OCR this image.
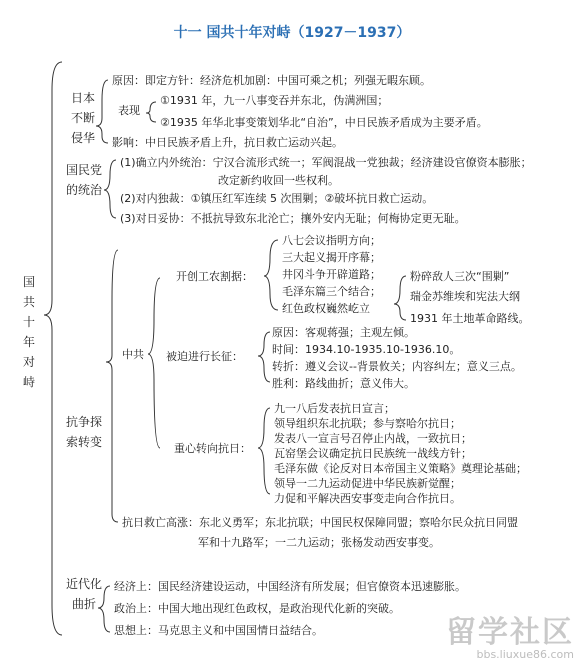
十一 国共十年对峙（1927－1937）
国共十年对峙
日本不断侵华
原因：即定方针：经济危机加剧：中国可乘之机；列强无暇东顾。
表现
①1931 年，九一八事变吞并东北，伪满洲国；
②1935 年华北事变策划华北“自治”，中日民族矛盾成为主要矛盾。
影响：中日民族矛盾上升，抗日救亡运动兴起。
国民党的统治
(1)确立内外统治：宁汉合流形式统一；军阀混战一党独裁；经济建设官僚资本膨胀；
改定新约收回一些权利。
(2)对内独裁：①镇压红军连续 5 次围剿；②破坏抗日救亡运动。
(3)对日妥协：不抵抗导致东北沦亡；攘外安内无耻；何梅协定更无耻。
抗争探索转变
中共
开创工农割据：
八七会议指明方向；
三大起义揭开序幕；
井冈斗争开辟道路；
毛泽东篇三个结合；
红色政权巍然屹立
粉碎敌人三次“围剿”
瑞金苏维埃和宪法大纲
1931 年土地革命路线。
被迫进行长征：
原因：客观蒋强；主观左倾。
时间：1934.10-1935.10-1936.10。
转折：遵义会议--背景攸关；内容纠左；意义三点。
胜利：路线曲折；意义伟大。
重心转向抗日：
九一八后发表抗日宣言；
领导组织东北抗联；参与察哈尔抗日；
发表八一宣言号召停止内战，一致抗日；
瓦窑堡会议确定抗日民族统一战线方针；
毛泽东做《论反对日本帝国主义策略》奠理论基础；
领导一二九运动促进中华民族新觉醒；
力促和平解决西安事变走向合作抗日。
抗日救亡高涨：东北义勇军；东北抗联；中国民权保障同盟；察哈尔民众抗日同盟
军和十九路军；一二九运动；张杨发动西安事变。
近代化曲折
经济上：国民经济建设运动，中国经济有所发展；但官僚资本迅速膨胀。
政治上：中国大地出现红色政权，是政治现代化新的突破。
思想上：马克思主义和中国国情日益结合。	留学社区
bbs.liuxue86.com
